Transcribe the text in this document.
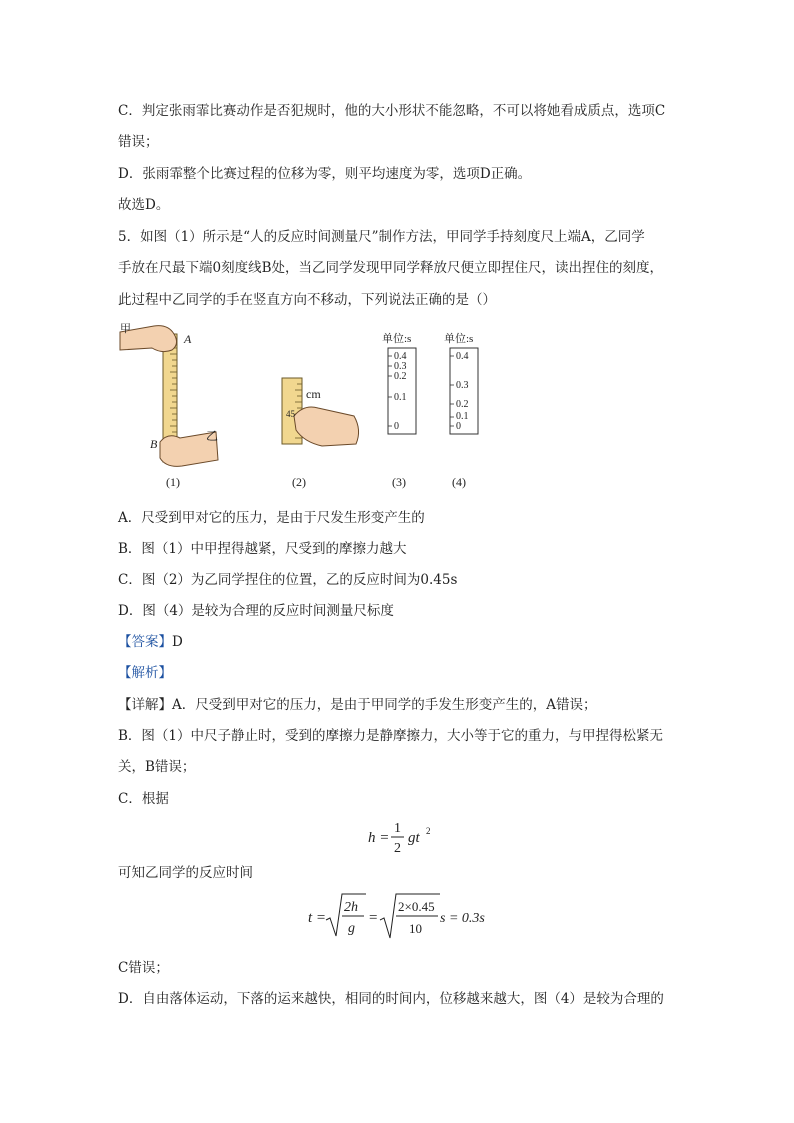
C．判定张雨霏比赛动作是否犯规时，他的大小形状不能忽略，不可以将她看成质点，选项C
错误；
D．张雨霏整个比赛过程的位移为零，则平均速度为零，选项D正确。
故选D。
5．如图（1）所示是“人的反应时间测量尺”制作方法，甲同学手持刻度尺上端A，乙同学
手放在尺最下端0刻度线B处，当乙同学发现甲同学释放尺便立即捏住尺，读出捏住的刻度，
此过程中乙同学的手在竖直方向不移动，下列说法正确的是（）
甲
A
B
乙
(1)
45
cm
(2)
单位:s
0.4
0.3
0.2
0.1
0
(3)
单位:s
0.4
0.3
0.2
0.1
0
(4)
A．尺受到甲对它的压力，是由于尺发生形变产生的
B．图（1）中甲捏得越紧，尺受到的摩擦力越大
C．图（2）为乙同学捏住的位置，乙的反应时间为0.45s
D．图（4）是较为合理的反应时间测量尺标度
【答案】D
【解析】
【详解】A．尺受到甲对它的压力，是由于甲同学的手发生形变产生的，A错误；
B．图（1）中尺子静止时，受到的摩擦力是静摩擦力，大小等于它的重力，与甲捏得松紧无
关，B错误；
C．根据
h =
1
2
gt 2
可知乙同学的反应时间
t =
2h
g
=
2×0.45
10
s = 0.3s
C错误；
D．自由落体运动，下落的运来越快，相同的时间内，位移越来越大，图（4）是较为合理的
